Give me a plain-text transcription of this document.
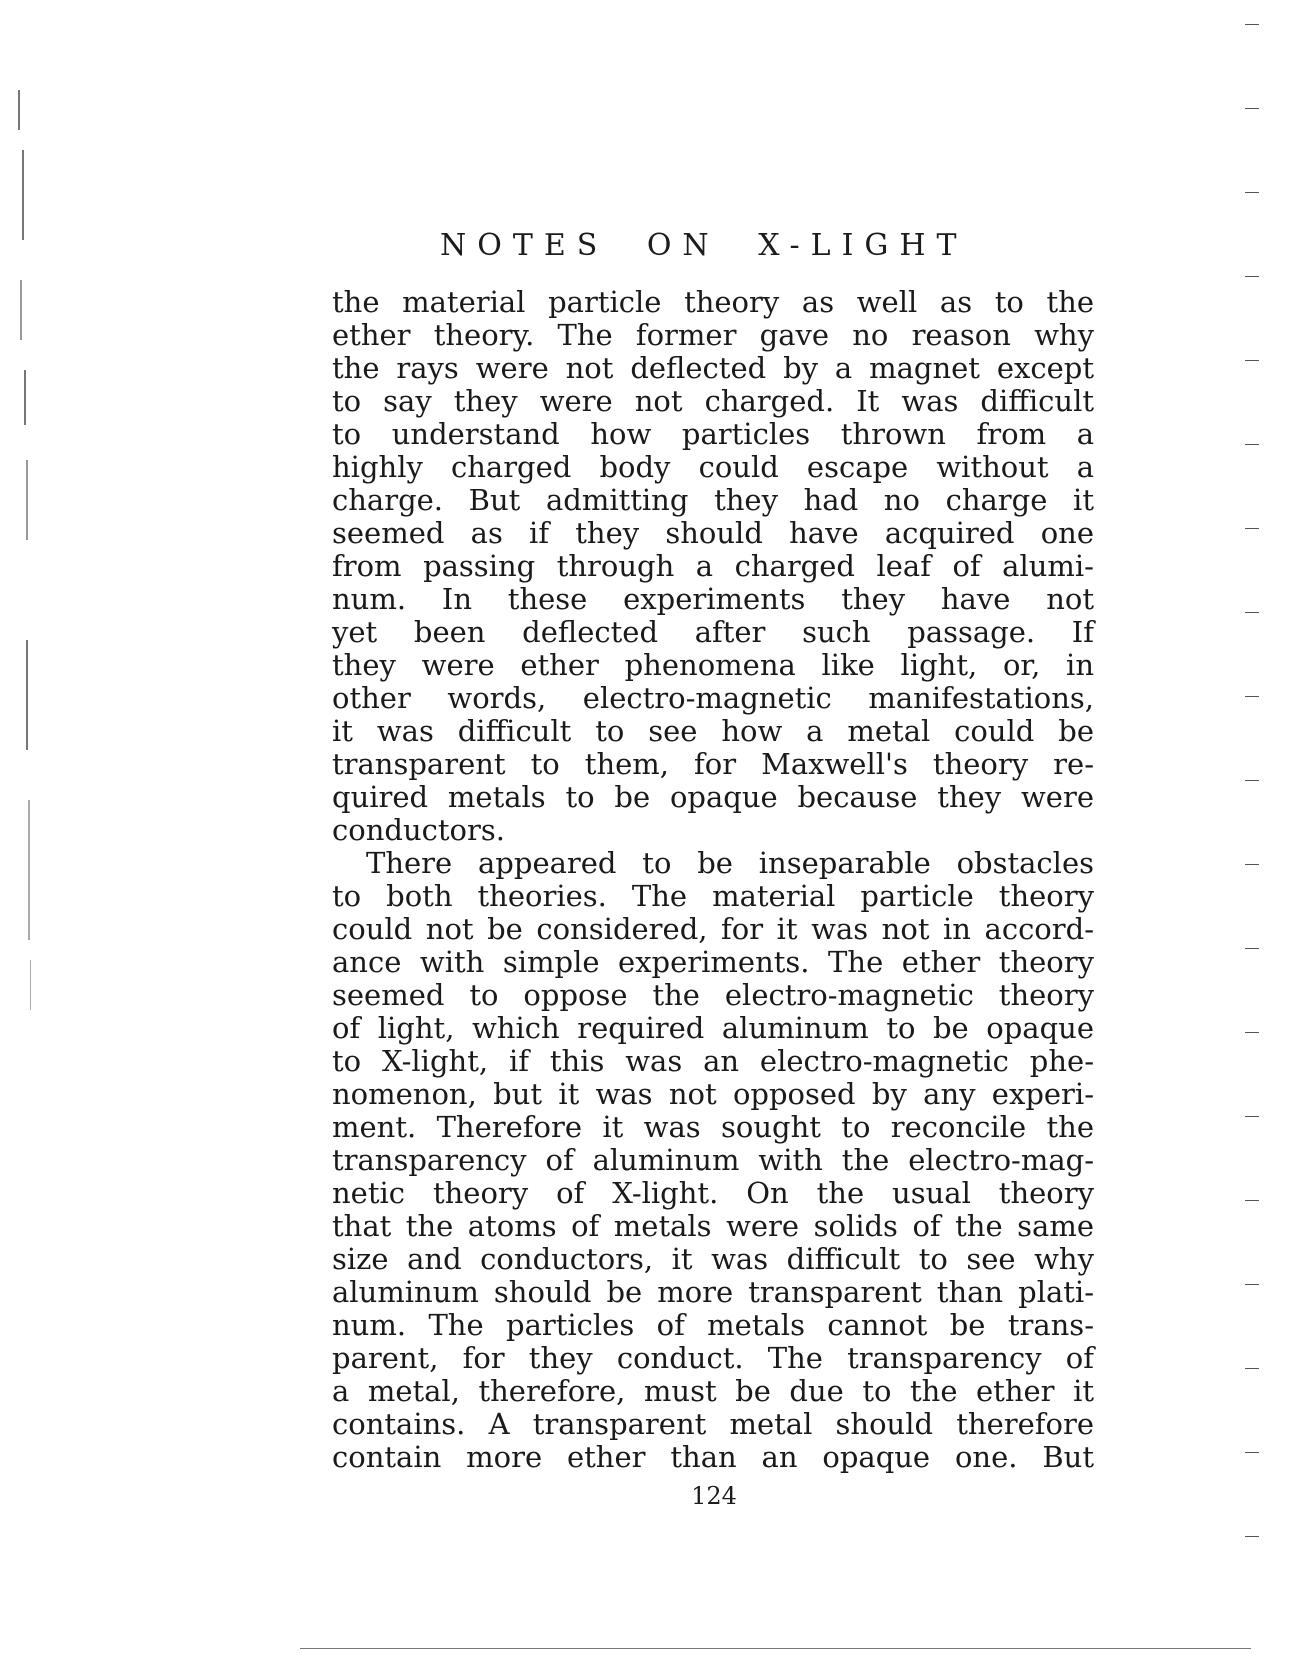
NOTES ON X-LIGHT
the material particle theory as well as to the
ether theory. The former gave no reason why
the rays were not deflected by a magnet except
to say they were not charged. It was difficult
to understand how particles thrown from a
highly charged body could escape without a
charge. But admitting they had no charge it
seemed as if they should have acquired one
from passing through a charged leaf of alumi-
num. In these experiments they have not
yet been deflected after such passage. If
they were ether phenomena like light, or, in
other words, electro-magnetic manifestations,
it was difficult to see how a metal could be
transparent to them, for Maxwell's theory re-
quired metals to be opaque because they were
conductors.
There appeared to be inseparable obstacles
to both theories. The material particle theory
could not be considered, for it was not in accord-
ance with simple experiments. The ether theory
seemed to oppose the electro-magnetic theory
of light, which required aluminum to be opaque
to X-light, if this was an electro-magnetic phe-
nomenon, but it was not opposed by any experi-
ment. Therefore it was sought to reconcile the
transparency of aluminum with the electro-mag-
netic theory of X-light. On the usual theory
that the atoms of metals were solids of the same
size and conductors, it was difficult to see why
aluminum should be more transparent than plati-
num. The particles of metals cannot be trans-
parent, for they conduct. The transparency of
a metal, therefore, must be due to the ether it
contains. A transparent metal should therefore
contain more ether than an opaque one. But
124
